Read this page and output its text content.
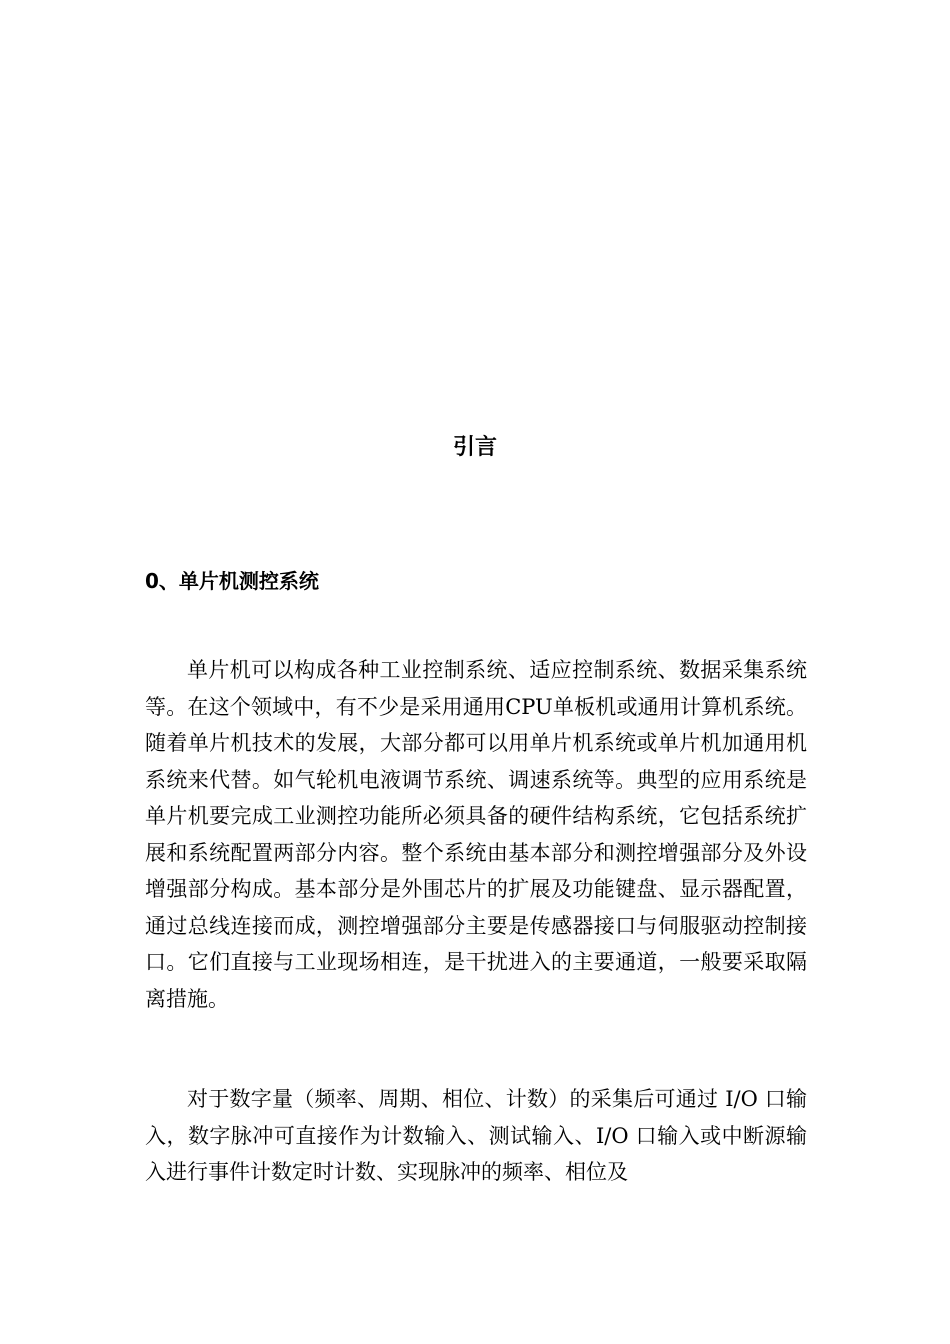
引言
0、单片机测控系统

单片机可以构成各种工业控制系统、适应控制系统、数据采集系统等。在这个领域中，有不少是采用通用CPU单板机或通用计算机系统。随着单片机技术的发展，大部分都可以用单片机系统或单片机加通用机系统来代替。如气轮机电液调节系统、调速系统等。典型的应用系统是单片机要完成工业测控功能所必须具备的硬件结构系统，它包括系统扩展和系统配置两部分内容。整个系统由基本部分和测控增强部分及外设增强部分构成。基本部分是外围芯片的扩展及功能键盘、显示器配置，通过总线连接而成，测控增强部分主要是传感器接口与伺服驱动控制接口。它们直接与工业现场相连，是干扰进入的主要通道，一般要采取隔离措施。

对于数字量（频率、周期、相位、计数）的采集后可通过 I/O 口输入，数字脉冲可直接作为计数输入、测试输入、I/O 口输入或中断源输入进行事件计数定时计数、实现脉冲的频率、相位及
